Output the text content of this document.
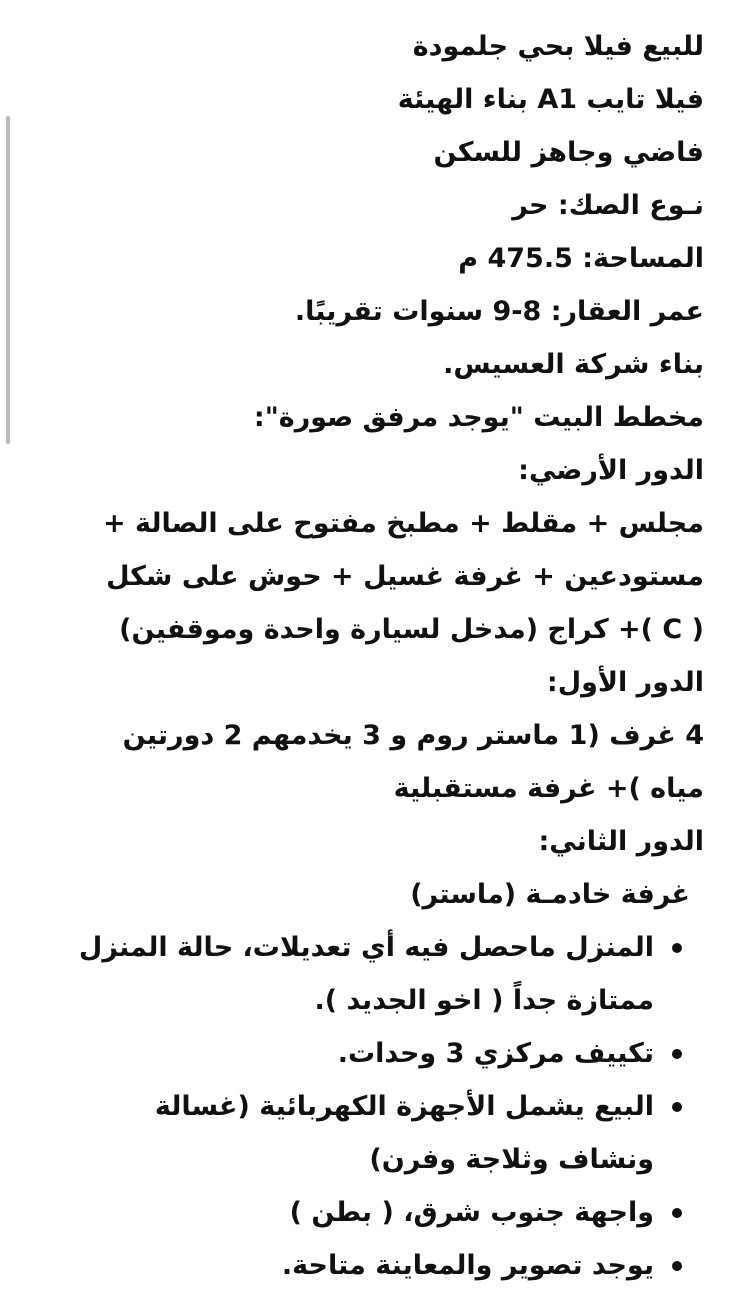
للبيع فيلا بحي جلمودة

فيلا تايب A1 بناء الهيئة

فاضي وجاهز للسكن

نـوع الصك: حر

المساحة: 475.5 م

عمر العقار: 8-9 سنوات تقريبًا.

بناء شركة العسيس.

مخطط البيت "يوجد مرفق صورة":

الدور الأرضي:

مجلس + مقلط + مطبخ مفتوح على الصالة +

مستودعين + غرفة غسيل + حوش على شكل

( C )+ كراج (مدخل لسيارة واحدة وموقفين)

الدور الأول:

4 غرف (1 ماستر روم و 3 يخدمهم 2 دورتين

مياه )+ غرفة مستقبلية

الدور الثاني:

غرفة خادمـة (ماستر)

المنزل ماحصل فيه أي تعديلات، حالة المنزل ممتازة جداً ( اخو الجديد ).
تكييف مركزي 3 وحدات.
البيع يشمل الأجهزة الكهربائية (غسالة ونشاف وثلاجة وفرن)
واجهة جنوب شرق، ( بطن )
يوجد تصوير والمعاينة متاحة.
